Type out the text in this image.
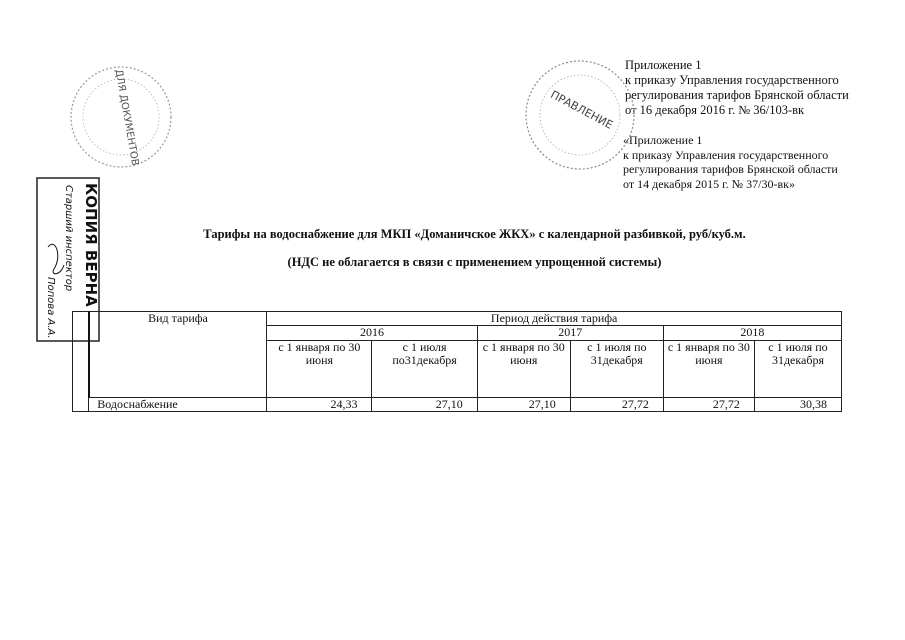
Приложение 1
к приказу Управления государственного
регулирования тарифов Брянской области
от 16 декабря 2016 г. № 36/103-вк
«Приложение 1
к приказу Управления государственного
регулирования тарифов Брянской области
от 14 декабря 2015 г. № 37/30-вк»
Тарифы на водоснабжение для МКП «Доманичское ЖКХ» с календарной разбивкой, руб/куб.м.
(НДС не облагается в связи с применением упрощенной системы)
ДЛЯ ДОКУМЕНТОВ	ПРАВЛЕНИЕ
КОПИЯ ВЕРНА
Старший инспектор
Попова А.А.
		Вид тарифа	Период действия тарифа					
		2016		2017		2018	
		с 1 января по 30 июня	с 1 июля по31декабря	с 1 января по 30 июня	с 1 июля по 31декабря	с 1 января по 30 июня	с 1 июля по 31декабря
	Водоснабжение	24,33	27,10	27,10	27,72	27,72	30,38
